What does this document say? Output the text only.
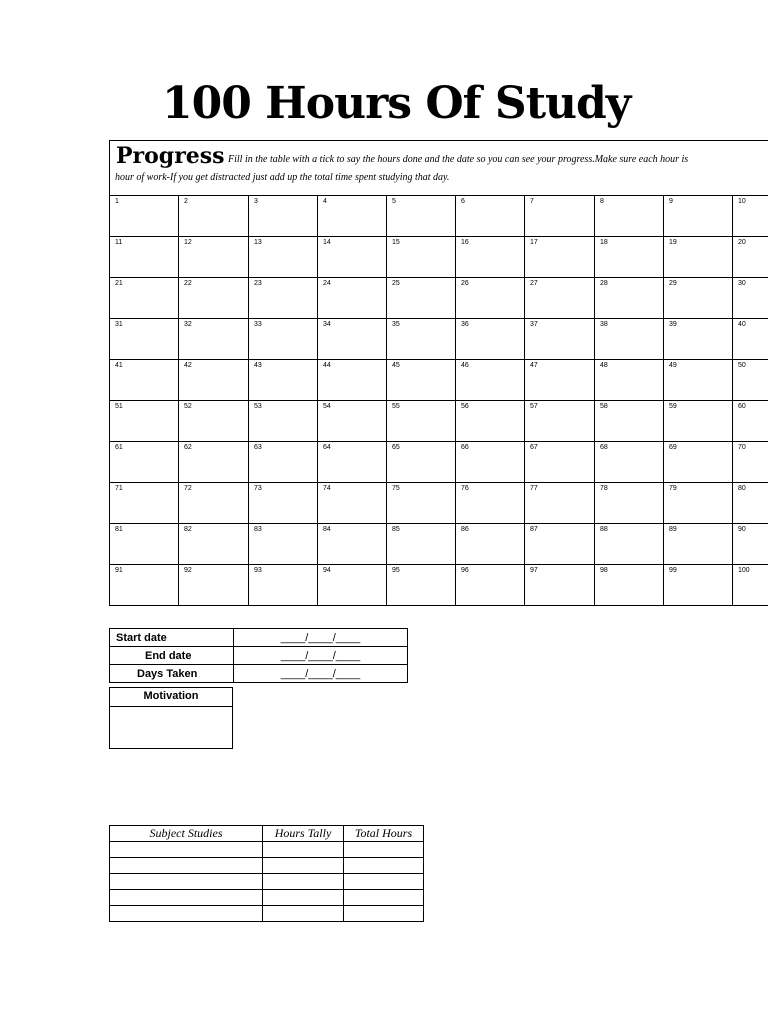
100 Hours Of Study
Progress Fill in the table with a tick to say the hours done and the date so you can see your progress.Make sure each hour is
hour of work-If you get distracted just add up the total time spent studying that day.
1	2	3	4	5	6	7	8	9	10
11	12	13	14	15	16	17	18	19	20
21	22	23	24	25	26	27	28	29	30
31	32	33	34	35	36	37	38	39	40
41	42	43	44	45	46	47	48	49	50
51	52	53	54	55	56	57	58	59	60
61	62	63	64	65	66	67	68	69	70
71	72	73	74	75	76	77	78	79	80
81	82	83	84	85	86	87	88	89	90
91	92	93	94	95	96	97	98	99	100
Start date	____/____/____
End date	____/____/____
Days Taken	____/____/____
Motivation
Subject Studies	Hours Tally	Total Hours
